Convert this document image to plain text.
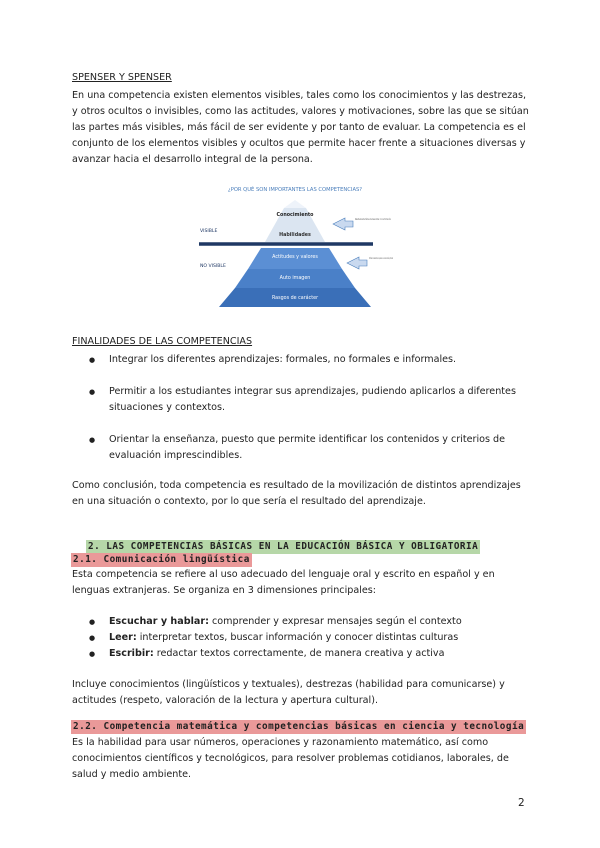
SPENSER Y SPENSER

En una competencia existen elementos visibles, tales como los conocimientos y las destrezas, y otros ocultos o invisibles, como las actitudes, valores y motivaciones, sobre las que se sitúan las partes más visibles, más fácil de ser evidente y por tanto de evaluar. La competencia es el conjunto de los elementos visibles y ocultos que permite hacer frente a situaciones diversas y avanzar hacia el desarrollo integral de la persona.

¿POR QUÉ SON IMPORTANTES LAS COMPETENCIAS?
Conocimiento
Habilidades
Actitudes y valores
Auto imagen
Rasgos de carácter
VISIBLE
NO VISIBLE
Relativamente fáciles de desarrollar con la formación
Difíciles de desarrollar, requieren una vivencia más profunda

FINALIDADES DE LAS COMPETENCIAS

● Integrar los diferentes aprendizajes: formales, no formales e informales.
● Permitir a los estudiantes integrar sus aprendizajes, pudiendo aplicarlos a diferentes situaciones y contextos.
● Orientar la enseñanza, puesto que permite identificar los contenidos y criterios de evaluación imprescindibles.

Como conclusión, toda competencia es resultado de la movilización de distintos aprendizajes en una situación o contexto, por lo que sería el resultado del aprendizaje.

2. LAS COMPETENCIAS BÁSICAS EN LA EDUCACIÓN BÁSICA Y OBLIGATORIA

2.1. Comunicación lingüística

Esta competencia se refiere al uso adecuado del lenguaje oral y escrito en español y en lenguas extranjeras. Se organiza en 3 dimensiones principales:

● Escuchar y hablar: comprender y expresar mensajes según el contexto
● Leer: interpretar textos, buscar información y conocer distintas culturas
● Escribir: redactar textos correctamente, de manera creativa y activa

Incluye conocimientos (lingüísticos y textuales), destrezas (habilidad para comunicarse) y actitudes (respeto, valoración de la lectura y apertura cultural).

2.2. Competencia matemática y competencias básicas en ciencia y tecnología

Es la habilidad para usar números, operaciones y razonamiento matemático, así como conocimientos científicos y tecnológicos, para resolver problemas cotidianos, laborales, de salud y medio ambiente.

2
